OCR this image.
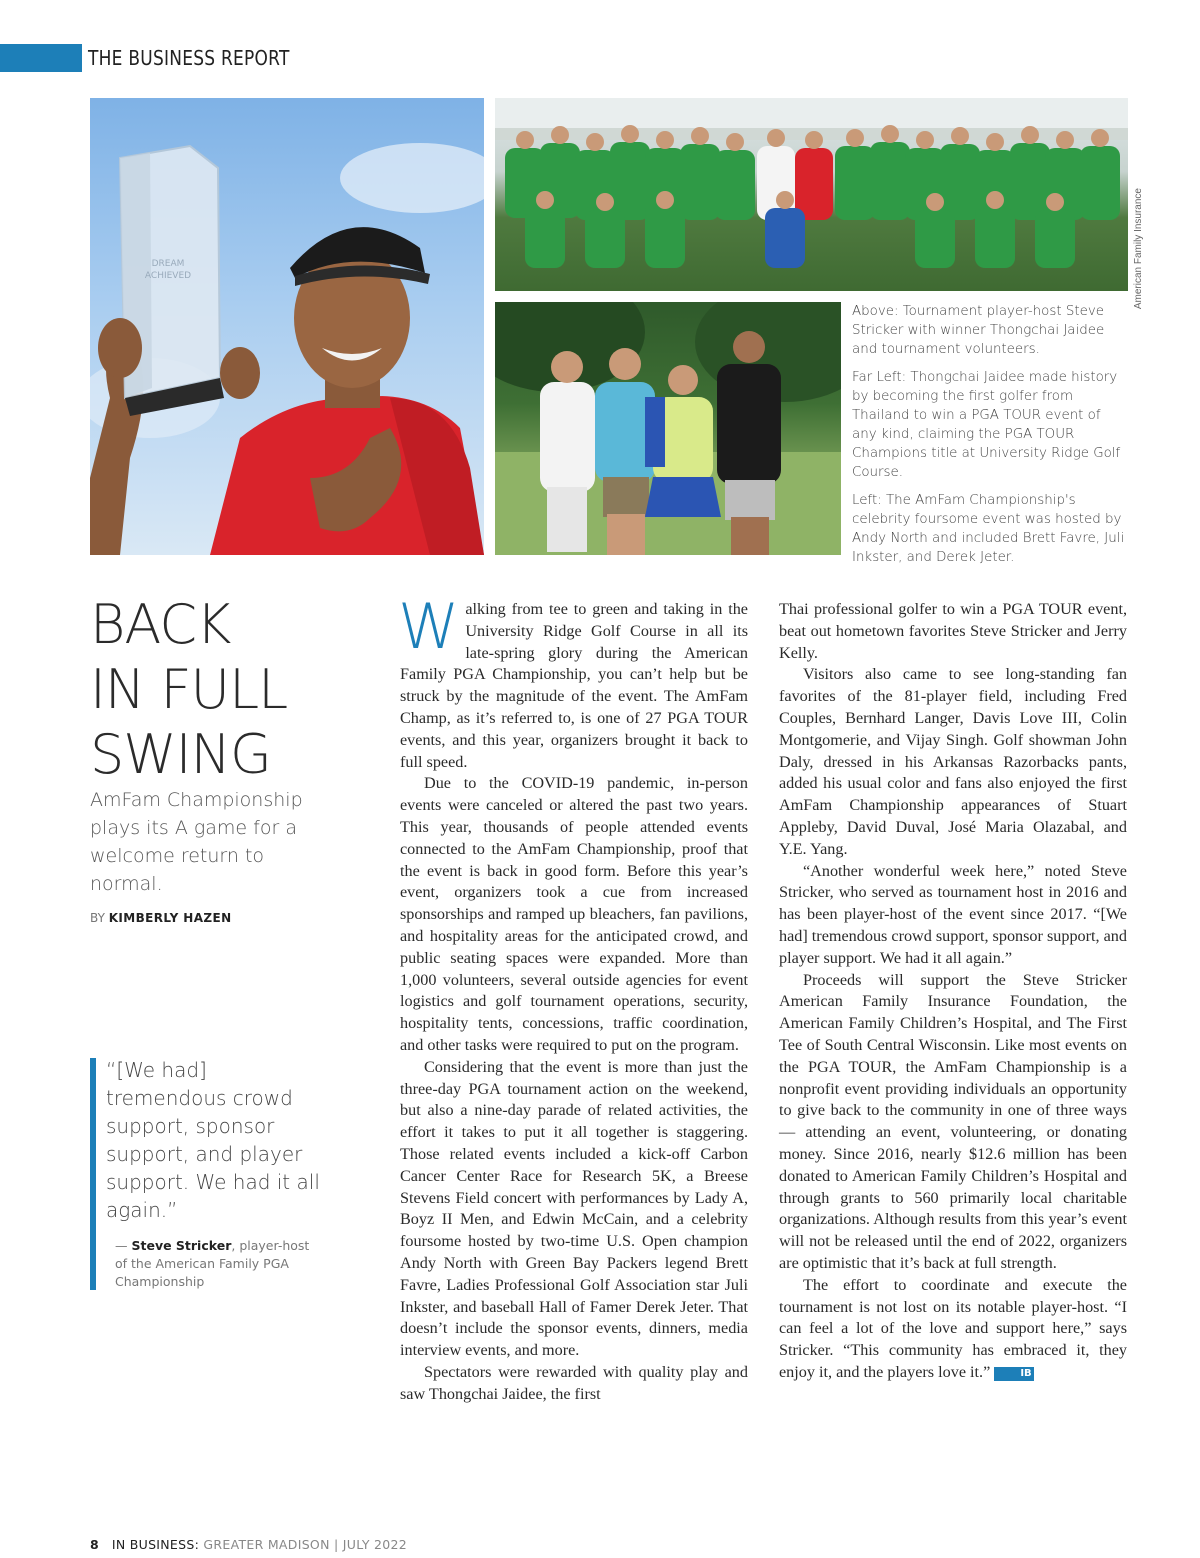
THE BUSINESS REPORT
DREAM
ACHIEVED	American Family Insurance

Above: Tournament player-host Steve Stricker with winner Thongchai Jaidee and tournament volunteers.

Far Left: Thongchai Jaidee made history by becoming the first golfer from Thailand to win a PGA TOUR event of any kind, claiming the PGA TOUR Champions title at University Ridge Golf Course.

Left: The AmFam Championship's celebrity foursome event was hosted by Andy North and included Brett Favre, Juli Inkster, and Derek Jeter.

BACK
IN FULL
SWING
AmFam Championship plays its A game for a welcome return to normal.
BY KIMBERLY HAZEN
“[We had] tremendous crowd support, sponsor support, and player support. We had it all again.”
— Steve Stricker, player-host of the American Family PGA Championship

Walking from tee to green and taking in the University Ridge Golf Course in all its late-spring glory during the American Family PGA Championship, you can’t help but be struck by the magnitude of the event. The AmFam Champ, as it’s referred to, is one of 27 PGA TOUR events, and this year, organizers brought it back to full speed.

Due to the COVID-19 pandemic, in-person events were canceled or altered the past two years. This year, thousands of people attended events connected to the AmFam Championship, proof that the event is back in good form. Before this year’s event, organizers took a cue from increased sponsorships and ramped up bleachers, fan pavilions, and hospitality areas for the anticipated crowd, and public seating spaces were expanded. More than 1,000 volunteers, several outside agencies for event logistics and golf tournament operations, security, hospitality tents, concessions, traffic coordination, and other tasks were required to put on the program.

Considering that the event is more than just the three-day PGA tournament action on the weekend, but also a nine-day parade of related activities, the effort it takes to put it all together is staggering. Those related events included a kick-off Carbon Cancer Center Race for Research 5K, a Breese Stevens Field concert with performances by Lady A, Boyz II Men, and Edwin McCain, and a celebrity foursome hosted by two-time U.S. Open champion Andy North with Green Bay Packers legend Brett Favre, Ladies Professional Golf Association star Juli Inkster, and baseball Hall of Famer Derek Jeter. That doesn’t include the sponsor events, dinners, media interview events, and more.

Spectators were rewarded with quality play and saw Thongchai Jaidee, the first

Thai professional golfer to win a PGA TOUR event, beat out hometown favorites Steve Stricker and Jerry Kelly.

Visitors also came to see long-standing fan favorites of the 81-player field, including Fred Couples, Bernhard Langer, Davis Love III, Colin Montgomerie, and Vijay Singh. Golf showman John Daly, dressed in his Arkansas Razorbacks pants, added his usual color and fans also enjoyed the first AmFam Championship appearances of Stuart Appleby, David Duval, José Maria Olazabal, and Y.E. Yang.

“Another wonderful week here,” noted Steve Stricker, who served as tournament host in 2016 and has been player-host of the event since 2017. “[We had] tremendous crowd support, sponsor support, and player support. We had it all again.”

Proceeds will support the Steve Stricker American Family Insurance Foundation, the American Family Children’s Hospital, and The First Tee of South Central Wisconsin. Like most events on the PGA TOUR, the AmFam Championship is a nonprofit event providing individuals an opportunity to give back to the community in one of three ways — attending an event, volunteering, or donating money. Since 2016, nearly $12.6 million has been donated to American Family Children’s Hospital and through grants to 560 primarily local charitable organizations. Although results from this year’s event will not be released until the end of 2022, organizers are optimistic that it’s back at full strength.

The effort to coordinate and execute the tournament is not lost on its notable player-host. “I can feel a lot of the love and support here,” says Stricker. “This community has embraced it, they enjoy it, and the players love it.”	IB

8 IN BUSINESS: GREATER MADISON | JULY 2022
